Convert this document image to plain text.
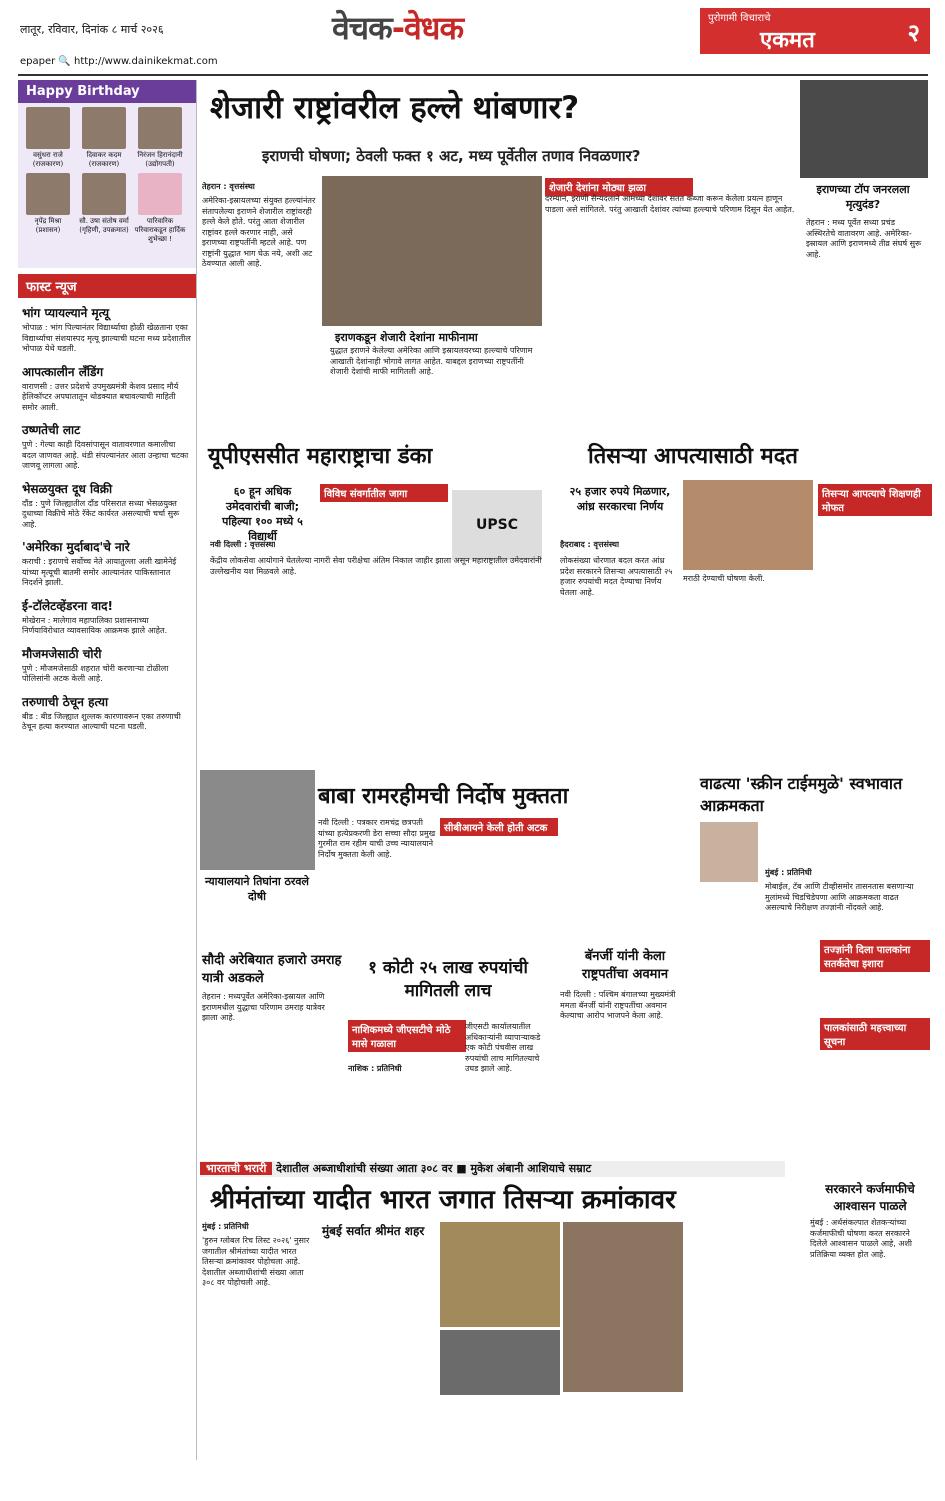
लातूर, रविवार, दिनांक ८ मार्च २०२६	वेचक-वेधक	पुरोगामी विचाराचे
एकमत	२
epaper 🔍 http://www.dainikekmat.com
Happy Birthday
वसुंधरा राजे (राजकारण)
दिवाकर कदम (राजकारण)
निरंजन हिरानंदानी (उद्योगपती)
नृपेंद्र मिश्रा (प्रशासन)
सौ. उषा संतोष वर्मा (गृहिणी, उपक्रमात)
पारिवारिक परिवाराकडून हार्दिक शुभेच्छा !
फास्ट न्यूज
भांग प्यायल्याने मृत्यू

भोपाळ : भांग पिल्यानंतर विद्यार्थ्याचा होळी खेळताना एका विद्यार्थ्याचा संशयास्पद मृत्यू झाल्याची घटना मध्य प्रदेशातील भोपाळ येथे घडली.

आपत्कालीन लँडिंग

वाराणसी : उत्तर प्रदेशचे उपमुख्यमंत्री केशव प्रसाद मौर्य हेलिकॉप्टर अपघातातून थोडक्यात बचावल्याची माहिती समोर आली.

उष्णतेची लाट

पुणे : गेल्या काही दिवसांपासून वातावरणात कमालीचा बदल जाणवत आहे. थंडी संपल्यानंतर आता उन्हाचा चटका जाणवू लागला आहे.

भेसळयुक्त दूध विक्री

दौंड : पुणे जिल्ह्यातील दौंड परिसरात सध्या भेसळयुक्त दुधाच्या विक्रीचे मोठे रॅकेट कार्यरत असल्याची चर्चा सुरू आहे.

'अमेरिका मुर्दाबाद'चे नारे

कराची : इराणचे सर्वोच्च नेते आयातुल्ला अली खामेनेई यांच्या मृत्यूची बातमी समोर आल्यानंतर पाकिस्तानात निदर्शने झाली.

ई-टॉलेटव्हेंडरना वाद!

मोखेरान : मालेगाव महापालिका प्रशासनाच्या निर्णयाविरोधात व्यावसायिक आक्रमक झाले आहेत.

मौजमजेसाठी चोरी

पुणे : मौजमजेसाठी शहरात चोरी करणाऱ्या टोळीला पोलिसांनी अटक केली आहे.

तरुणाची ठेचून हत्या

बीड : बीड जिल्ह्यात शुल्लक कारणावरून एका तरुणाची ठेचून हत्या करण्यात आल्याची घटना घडली.

शेजारी राष्ट्रांवरील हल्ले थांबणार?
इराणची घोषणा; ठेवली फक्त १ अट, मध्य पूर्वेतील तणाव निवळणार?
इराणच्या टॉप जनरलला मृत्युदंड?
तेहरान : मध्य पूर्वेत सध्या प्रचंड अस्थिरतेचे वातावरण आहे. अमेरिका-इस्रायल आणि इराणमध्ये तीव्र संघर्ष सुरू आहे.
तेहरान : वृत्तसंस्था
अमेरिका-इस्रायलच्या संयुक्त हल्ल्यांनंतर संतापलेल्या इराणने शेजारील राष्ट्रांवरही हल्ले केले होते. परंतु आता शेजारील राष्ट्रांवर हल्ले करणार नाही, असे इराणच्या राष्ट्रपतींनी म्हटले आहे. पण राष्ट्रांनी युद्धात भाग घेऊ नये, अशी अट ठेवण्यात आली आहे.
इराणकडून शेजारी देशांना माफीनामा
युद्धात इराणने केलेल्या अमेरिका आणि इस्रायलवरच्या हल्ल्याचे परिणाम आखाती देशांनाही भोगावे लागत आहेत. याबद्दल इराणच्या राष्ट्रपतींनी शेजारी देशांची माफी मागितली आहे.
शेजारी देशांना मोठ्या झळा
दरम्यान, इराणी सैन्यदलाने आमच्या देशावर सतत कब्जा करून केलेला प्रयत्न हाणून पाडला असे सांगितले. परंतु आखाती देशांवर त्यांच्या हल्ल्याचे परिणाम दिसून येत आहेत.
यूपीएससीत महाराष्ट्राचा डंका
६० हून अधिक उमेदवारांची बाजी; पहिल्या १०० मध्ये ५ विद्यार्थी
नवी दिल्ली : वृत्तसंस्था
विविध संवर्गातील जागा
UPSC
केंद्रीय लोकसेवा आयोगाने घेतलेल्या नागरी सेवा परीक्षेचा अंतिम निकाल जाहीर झाला असून महाराष्ट्रातील उमेदवारांनी उल्लेखनीय यश मिळवले आहे.
तिसऱ्या आपत्यासाठी मदत
२५ हजार रुपये मिळणार, आंध्र सरकारचा निर्णय
हैदराबाद : वृत्तसंस्था
मराठी देण्याची घोषणा केली.
तिसऱ्या आपत्याचे शिक्षणही मोफत
लोकसंख्या धोरणात बदल करत आंध्र प्रदेश सरकारने तिसऱ्या अपत्यासाठी २५ हजार रुपयांची मदत देण्याचा निर्णय घेतला आहे.
न्यायालयाने तिघांना ठरवले दोषी
बाबा रामरहीमची निर्दोष मुक्तता
सीबीआयने केली होती अटक
नवी दिल्ली : पत्रकार रामचंद्र छत्रपती यांच्या हत्येप्रकरणी डेरा सच्चा सौदा प्रमुख गुरमीत राम रहीम याची उच्च न्यायालयाने निर्दोष मुक्तता केली आहे.
वाढत्या 'स्क्रीन टाईममुळे' स्वभावात आक्रमकता
मुंबई : प्रतिनिधी
मोबाईल, टॅब आणि टीव्हीसमोर तासनतास बसणाऱ्या मुलांमध्ये चिडचिडेपणा आणि आक्रमकता वाढत असल्याचे निरीक्षण तज्ज्ञांनी नोंदवले आहे.
तज्ज्ञांनी दिला पालकांना सतर्कतेचा इशारा
पालकांसाठी महत्त्वाच्या सूचना
सौदी अरेबियात हजारो उमराह यात्री अडकले
तेहरान : मध्यपूर्वेत अमेरिका-इस्रायल आणि इराणमधील युद्धाचा परिणाम उमराह यात्रेवर झाला आहे.
१ कोटी २५ लाख रुपयांची मागितली लाच
नाशिकमध्ये जीएसटीचे मोठे मासे गळाला
नाशिक : प्रतिनिधी
जीएसटी कार्यालयातील अधिकाऱ्यांनी व्यापाऱ्याकडे एक कोटी पंचवीस लाख रुपयांची लाच मागितल्याचे उघड झाले आहे.
बॅनर्जी यांनी केला राष्ट्रपतींचा अवमान
नवी दिल्ली : पश्चिम बंगालच्या मुख्यमंत्री ममता बॅनर्जी यांनी राष्ट्रपतींचा अवमान केल्याचा आरोप भाजपने केला आहे.
भारताची भरारी देशातील अब्जाधीशांची संख्या आता ३०८ वर ■ मुकेश अंबानी आशियाचे सम्राट
श्रीमंतांच्या यादीत भारत जगात तिसऱ्या क्रमांकावर
मुंबई : प्रतिनिधी
'हुरुन ग्लोबल रिच लिस्ट २०२६' नुसार जगातील श्रीमंतांच्या यादीत भारत तिसऱ्या क्रमांकावर पोहोचला आहे. देशातील अब्जाधीशांची संख्या आता ३०८ वर पोहोचली आहे.
मुंबई सर्वात श्रीमंत शहर
सरकारने कर्जमाफीचे आश्वासन पाळले
मुंबई : अर्थसंकल्पात शेतकऱ्यांच्या कर्जमाफीची घोषणा करत सरकारने दिलेले आश्वासन पाळले आहे, अशी प्रतिक्रिया व्यक्त होत आहे.
